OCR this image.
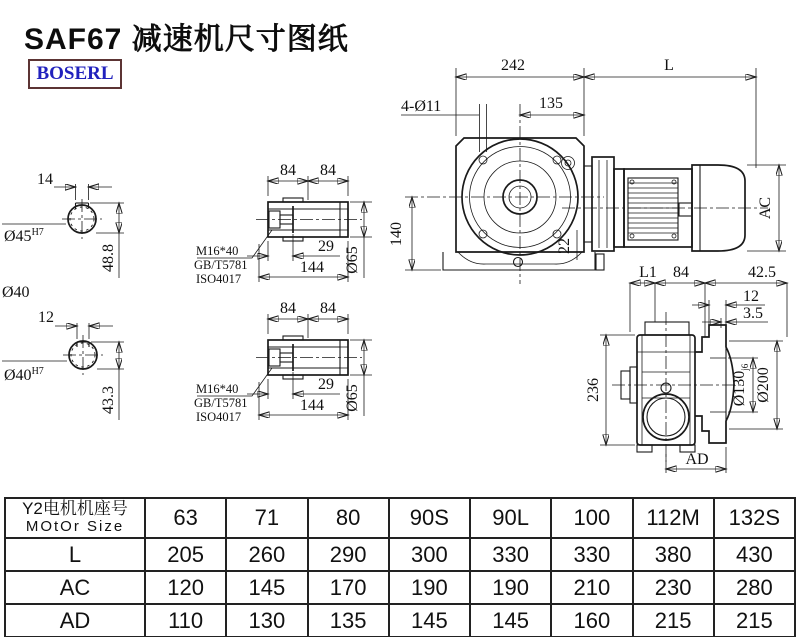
SAF67 减速机尺寸图纸
BOSERL	242	L
4-Ø11	135
140	22
AC
14
48.8
$Ø45^{H7}$
Ø40
12
43.3
$Ø40^{H7}$
84 84
29
144 Ø65
M16*40
GB/T5781
ISO4017
84 84
29
144 Ø65
M16*40
GB/T5781
ISO4017
L1 84	42.5
12
3.5
236	$Ø130_{j6}$ Ø200
AD
Y2电机机座号
MOtOr Size	63	71	80	90S	90L	100	112M	132S
L	205	260	290	300	330	330	380	430
AC	120	145	170	190	190	210	230	280
AD	110	130	135	145	145	160	215	215
